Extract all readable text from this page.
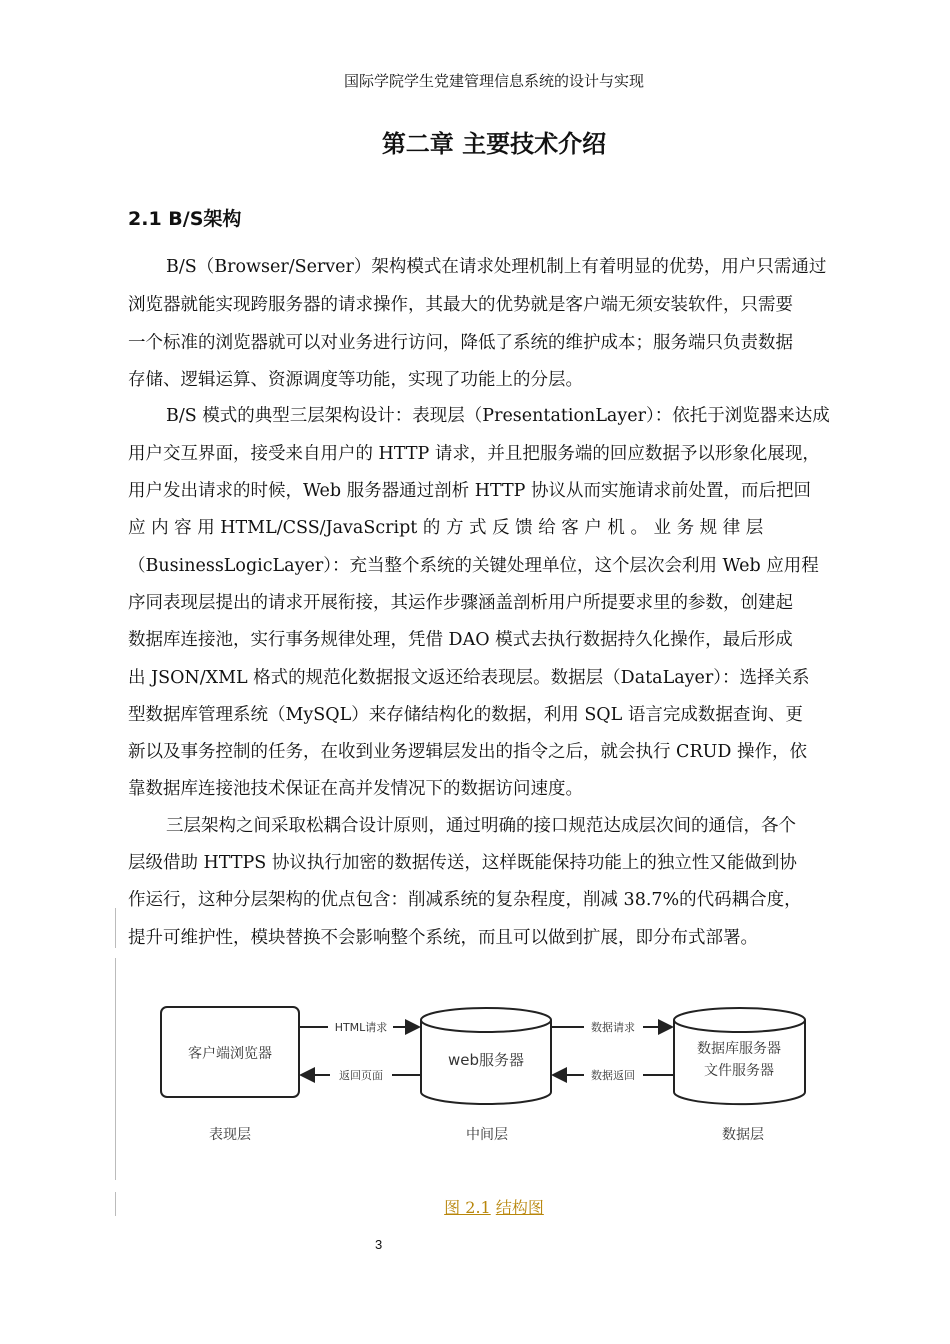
国际学院学生党建管理信息系统的设计与实现
第二章 主要技术介绍
2.1 B/S架构
B/S（Browser/Server）架构模式在请求处理机制上有着明显的优势，用户只需通过
浏览器就能实现跨服务器的请求操作，其最大的优势就是客户端无须安装软件，只需要
一个标准的浏览器就可以对业务进行访问，降低了系统的维护成本；服务端只负责数据
存储、逻辑运算、资源调度等功能，实现了功能上的分层。
B/S 模式的典型三层架构设计：表现层（PresentationLayer）：依托于浏览器来达成
用户交互界面，接受来自用户的 HTTP 请求，并且把服务端的回应数据予以形象化展现，
用户发出请求的时候，Web 服务器通过剖析 HTTP 协议从而实施请求前处置，而后把回
应 内 容 用 HTML/CSS/JavaScript 的 方 式 反 馈 给 客 户 机 。 业 务 规 律 层
（BusinessLogicLayer）：充当整个系统的关键处理单位，这个层次会利用 Web 应用程
序同表现层提出的请求开展衔接，其运作步骤涵盖剖析用户所提要求里的参数，创建起
数据库连接池，实行事务规律处理，凭借 DAO 模式去执行数据持久化操作，最后形成
出 JSON/XML 格式的规范化数据报文返还给表现层。数据层（DataLayer）：选择关系
型数据库管理系统（MySQL）来存储结构化的数据，利用 SQL 语言完成数据查询、更
新以及事务控制的任务，在收到业务逻辑层发出的指令之后，就会执行 CRUD 操作，依
靠数据库连接池技术保证在高并发情况下的数据访问速度。
三层架构之间采取松耦合设计原则，通过明确的接口规范达成层次间的通信，各个
层级借助 HTTPS 协议执行加密的数据传送，这样既能保持功能上的独立性又能做到协
作运行，这种分层架构的优点包含：削减系统的复杂程度，削减 38.7%的代码耦合度，
提升可维护性，模块替换不会影响整个系统，而且可以做到扩展，即分布式部署。
客户端浏览器	web服务器
数据库服务器
文件服务器
HTML请求
返回页面
数据请求
数据返回
表现层	中间层	数据层
图 2.1 结构图
3
